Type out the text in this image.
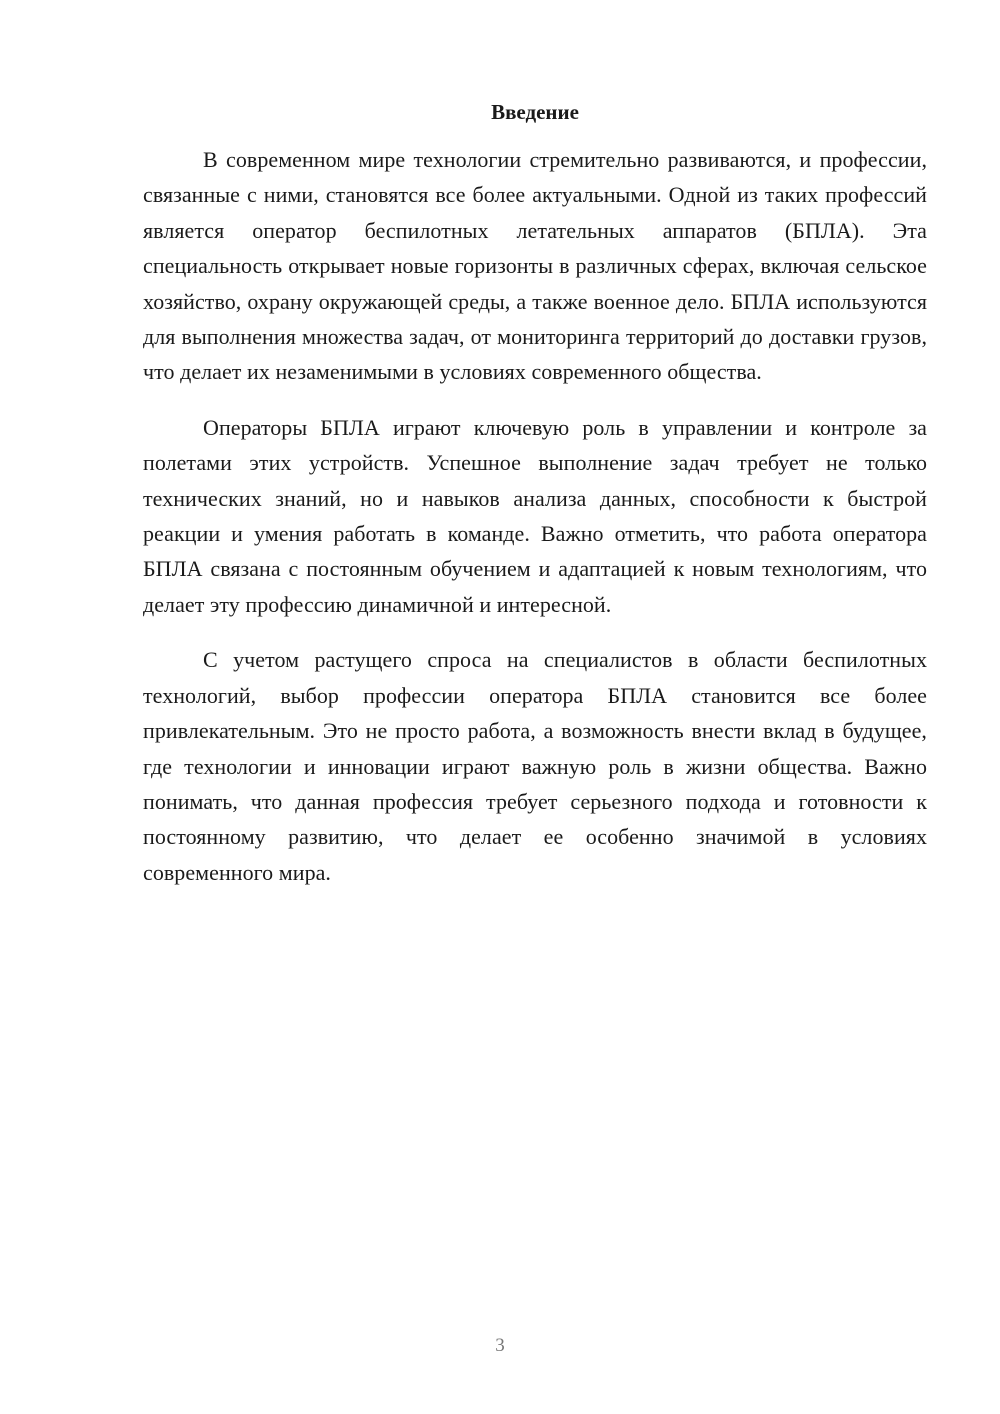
Введение

В современном мире технологии стремительно развиваются, и профессии, связанные с ними, становятся все более актуальными. Одной из таких профессий является оператор беспилотных летательных аппаратов (БПЛА). Эта специальность открывает новые горизонты в различных сферах, включая сельское хозяйство, охрану окружающей среды, а также военное дело. БПЛА используются для выполнения множества задач, от мониторинга территорий до доставки грузов, что делает их незаменимыми в условиях современного общества.

Операторы БПЛА играют ключевую роль в управлении и контроле за полетами этих устройств. Успешное выполнение задач требует не только технических знаний, но и навыков анализа данных, способности к быстрой реакции и умения работать в команде. Важно отметить, что работа оператора БПЛА связана с постоянным обучением и адаптацией к новым технологиям, что делает эту профессию динамичной и интересной.

С учетом растущего спроса на специалистов в области беспилотных технологий, выбор профессии оператора БПЛА становится все более привлекательным. Это не просто работа, а возможность внести вклад в будущее, где технологии и инновации играют важную роль в жизни общества. Важно понимать, что данная профессия требует серьезного подхода и готовности к постоянному развитию, что делает ее особенно значимой в условиях современного мира.

3
